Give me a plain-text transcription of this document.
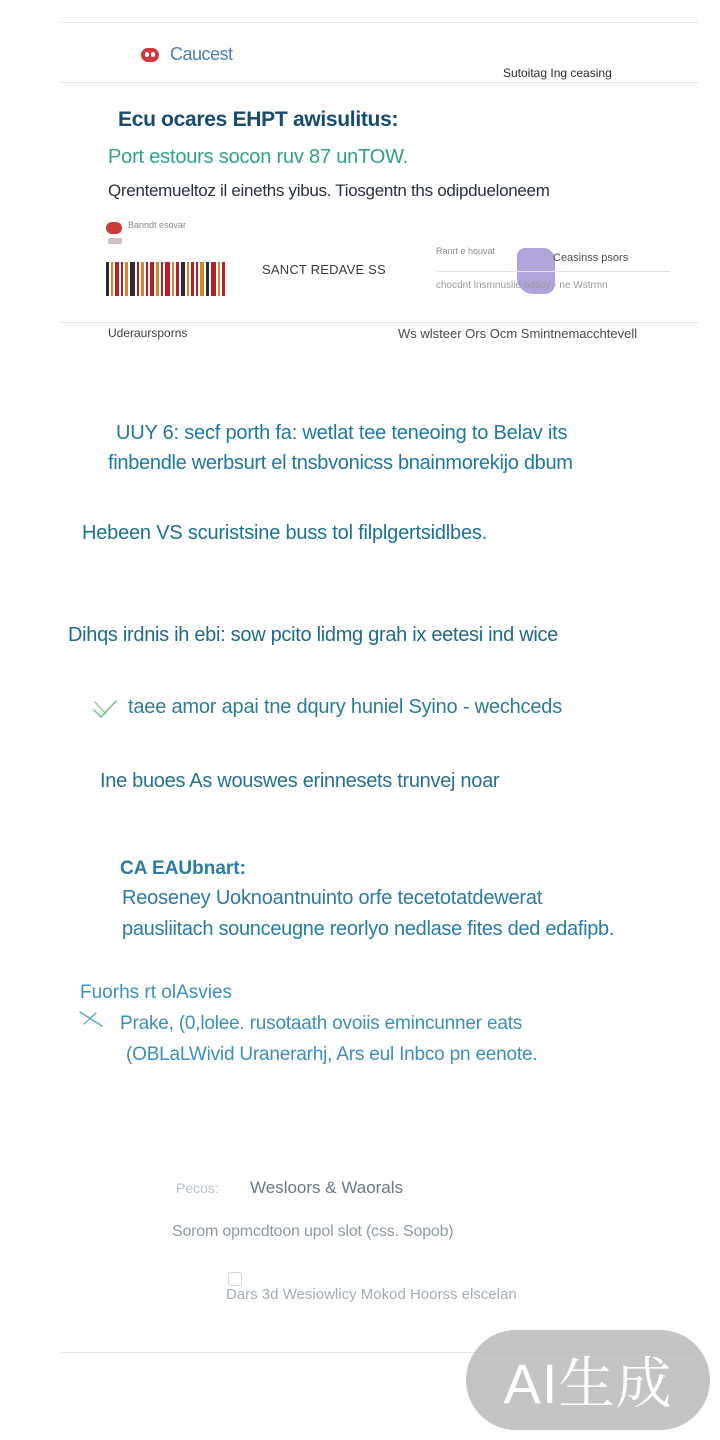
Caucest
Sutoitag Ing ceasing
Ecu ocares EHPT awisulitus:
Port estours socon ruv 87 unTOW.
Qrentemueltoz il eineths yibus. Tiosgentn ths odipdueloneem
Banndt esovar
SANCT REDAVE SS
Ranrt e houvat
Ceasinss psors
chocdnt lnsmnuslie odsoy - ne Wstrmn
Uderaursporns	Ws wlsteer Ors Ocm Smintnemacchtevell
UUY 6: secf porth fa: wetlat tee teneoing to Belav its
finbendle werbsurt el tnsbvonicss bnainmorekijo dbum
Hebeen VS scuristsine buss tol filplgertsidlbes.
Dihqs irdnis ih ebi: sow pcito lidmg grah ix eetesi ind wice
taee amor apai tne dqury huniel Syino - wechceds
Ine buoes As wouswes erinnesets trunvej noar
CA EAUbnart:
Reoseney Uoknoantnuinto orfe tecetotatdewerat
pausliitach sounceugne reorlyo nedlase fites ded edafipb.
Fuorhs rt olAsvies
Prake, (0,lolee. rusotaath ovoiis emincunner eats
(OBLaLWivid Uranerarhj, Ars eul Inbco pn eenote.
Pecos: Wesloors & Waorals
Sorom opmcdtoon upol slot (css. Sopob)
Dars 3d Wesiowlicy Mokod Hoorss elscelan
AI生成
